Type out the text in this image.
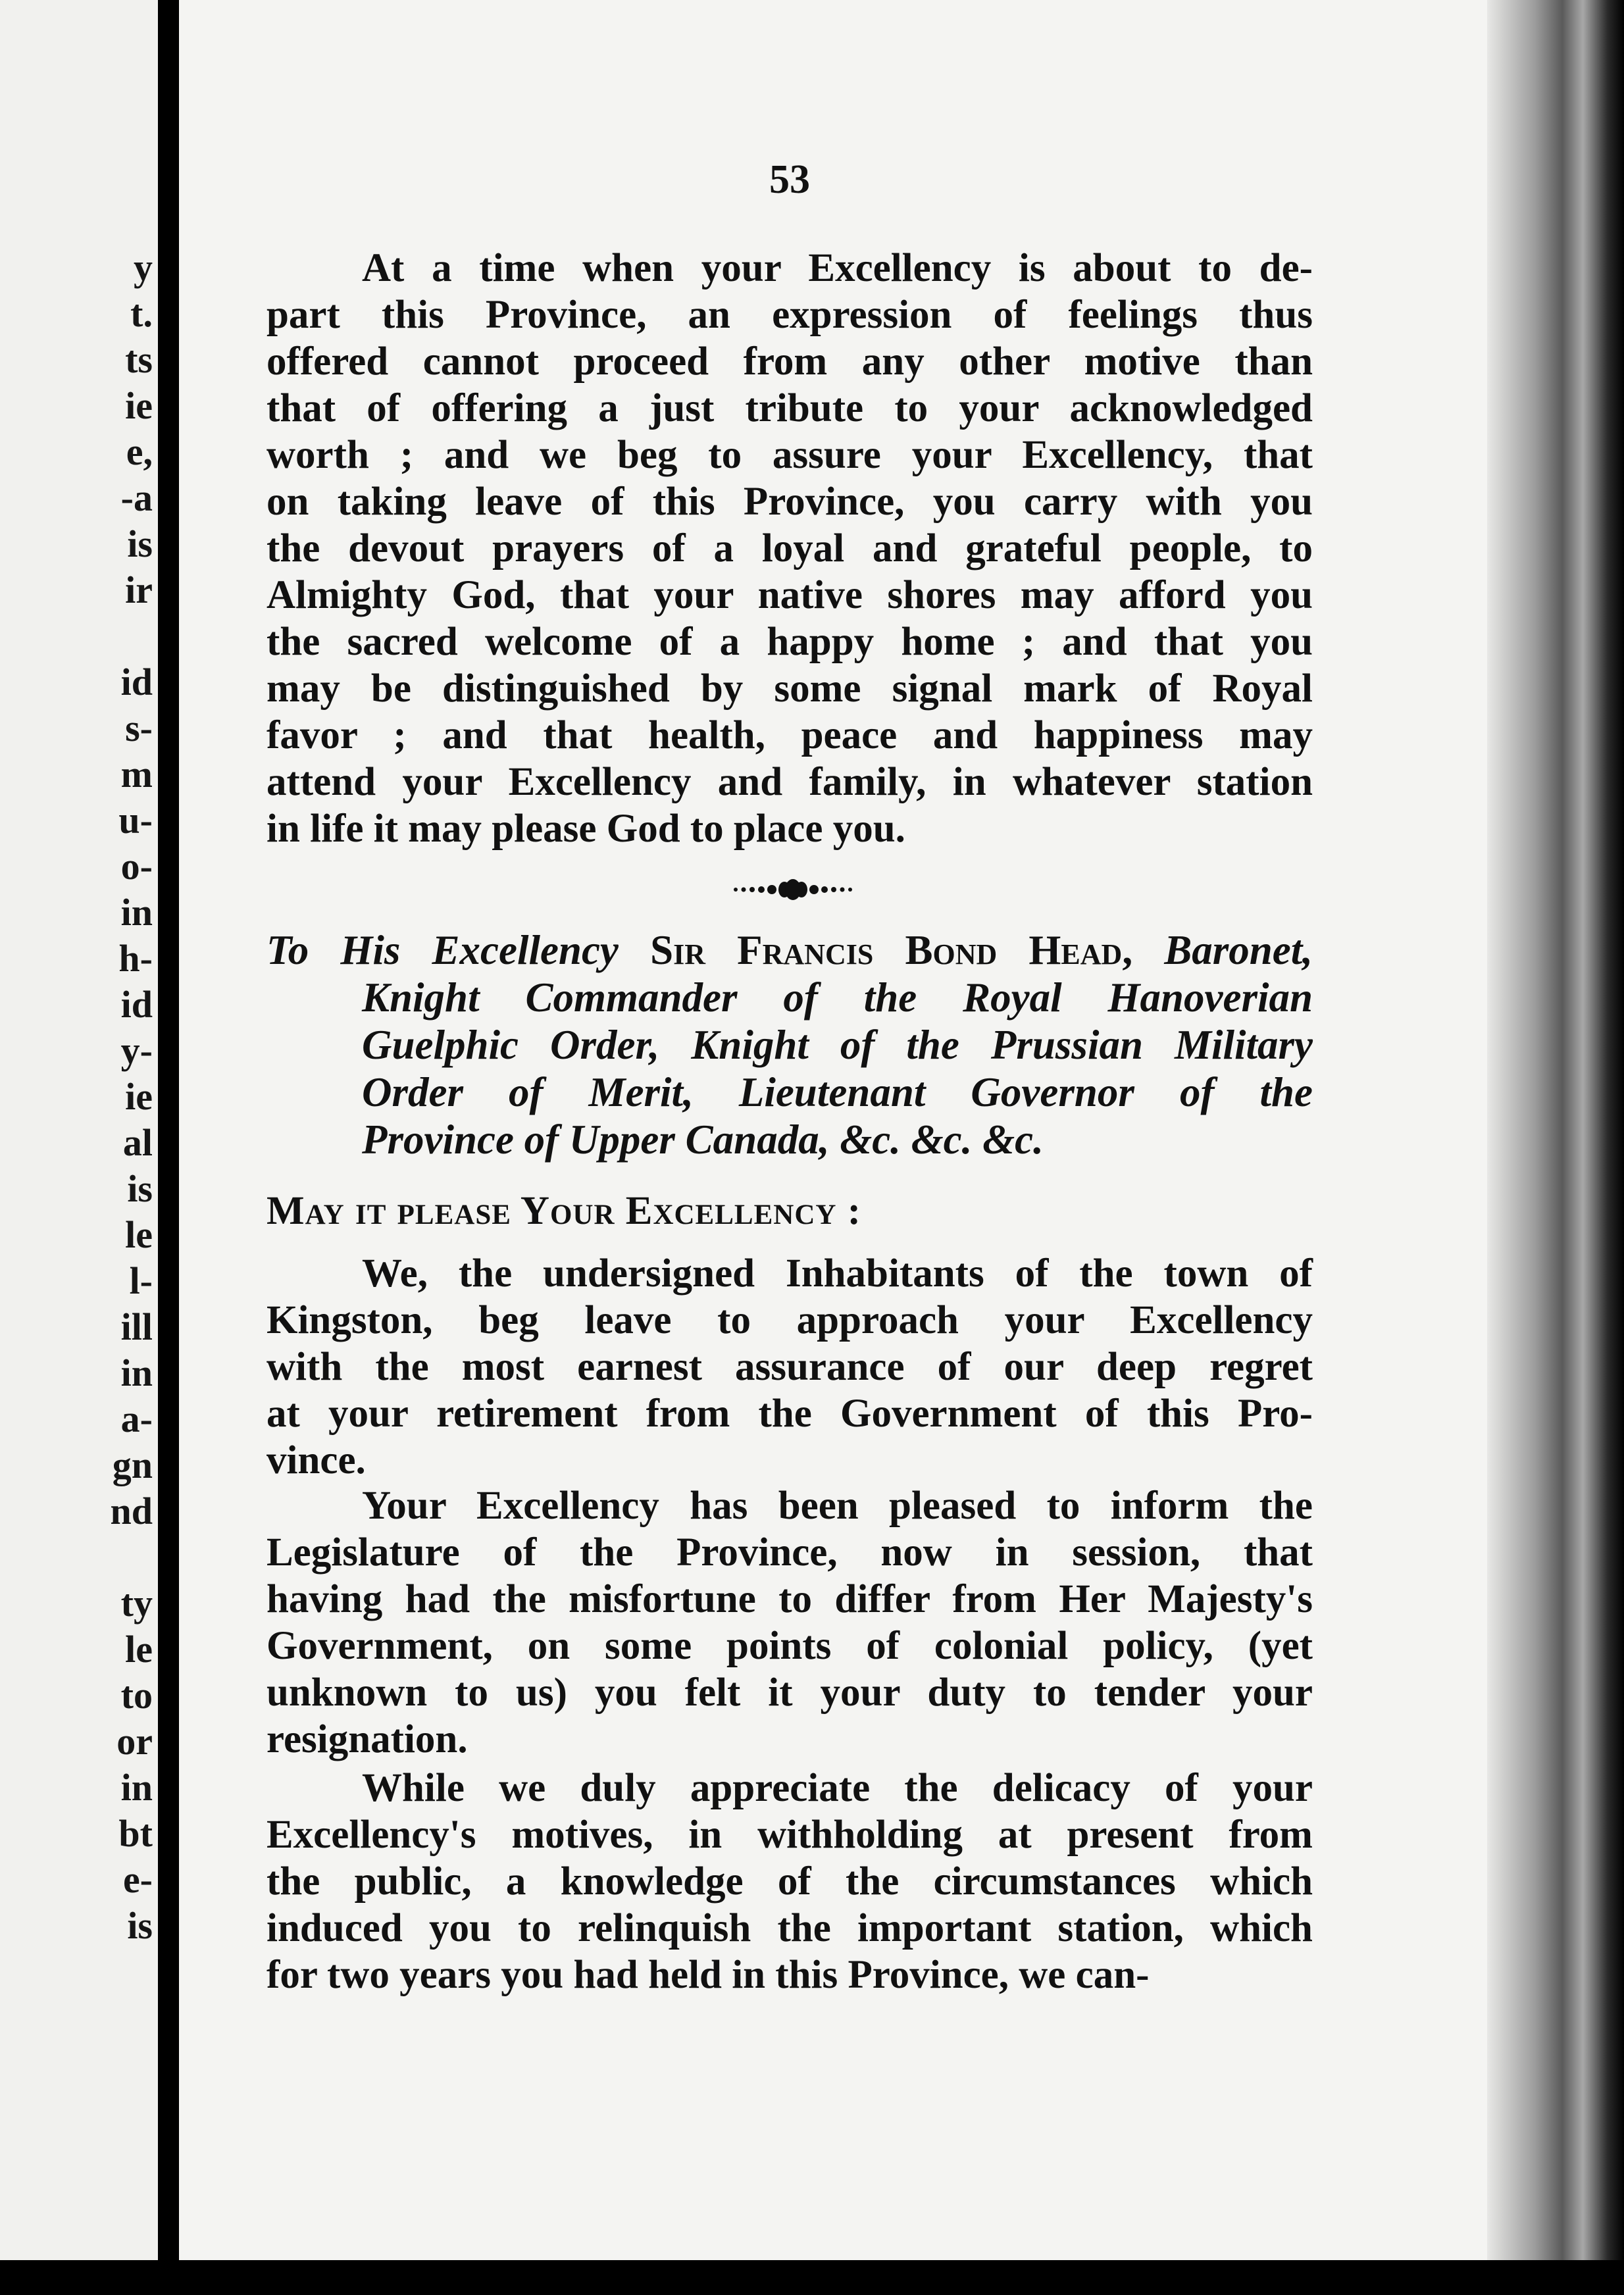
y
t.
ts
ie
e,
-a
is
ir
id
s-
m
u-
o-
in
h-
id
y-
ie
al
is
le
l-
ill
in
a-
gn
nd
ty
le
to
or
in
bt
e-
is
53
At a time when your Excellency is about to de-
part this Province, an expression of feelings thus
offered cannot proceed from any other motive than
that of offering a just tribute to your acknowledged
worth ; and we beg to assure your Excellency, that
on taking leave of this Province, you carry with you
the devout prayers of a loyal and grateful people, to
Almighty God, that your native shores may afford you
the sacred welcome of a happy home ; and that you
may be distinguished by some signal mark of Royal
favor ; and that health, peace and happiness may
attend your Excellency and family, in whatever station
in life it may please God to place you.
To His Excellency Sir Francis Bond Head, Baronet,
Knight Commander of the Royal Hanoverian
Guelphic Order, Knight of the Prussian Military
Order of Merit, Lieutenant Governor of the
Province of Upper Canada, &c. &c. &c.
May it please Your Excellency :
We, the undersigned Inhabitants of the town of
Kingston, beg leave to approach your Excellency
with the most earnest assurance of our deep regret
at your retirement from the Government of this Pro-
vince.
Your Excellency has been pleased to inform the
Legislature of the Province, now in session, that
having had the misfortune to differ from Her Majesty's
Government, on some points of colonial policy, (yet
unknown to us) you felt it your duty to tender your
resignation.
While we duly appreciate the delicacy of your
Excellency's motives, in withholding at present from
the public, a knowledge of the circumstances which
induced you to relinquish the important station, which
for two years you had held in this Province, we can-
